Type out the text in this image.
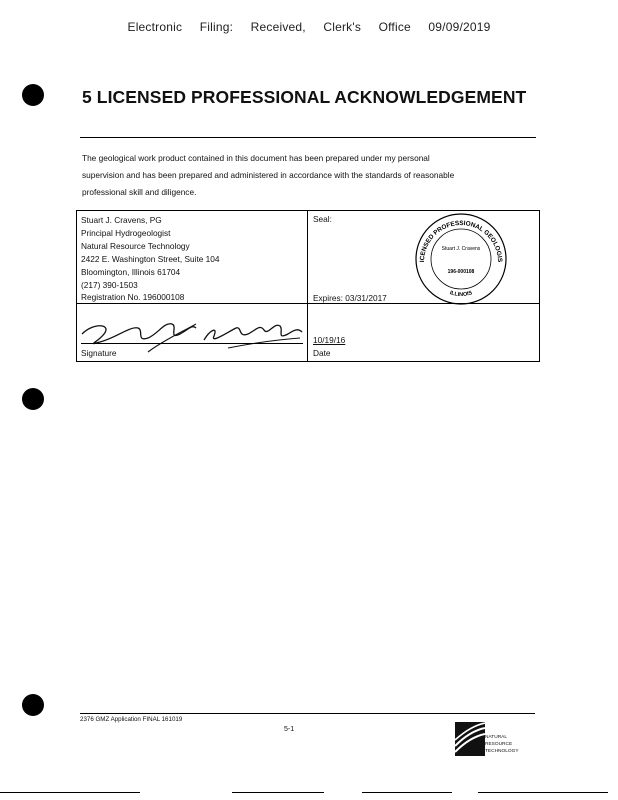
Electronic Filing: Received, Clerk's Office 09/09/2019
5 LICENSED PROFESSIONAL ACKNOWLEDGEMENT
The geological work product contained in this document has been prepared under my personal
supervision and has been prepared and administered in accordance with the standards of reasonable
professional skill and diligence.
Stuart J. Cravens, PG
Principal Hydrogeologist
Natural Resource Technology
2422 E. Washington Street, Suite 104
Bloomington, Illinois 61704
(217) 390-1503
Registration No. 196000108
Seal:
Expires: 03/31/2017
ICENSED PROFESSIONAL GEOLOGIS
ILLINOIS
Stuart J. Cravens
196-000108
Signature
10/19/16
Date
2376 GMZ Application FINAL 161019
5-1
NATURAL
RESOURCE
TECHNOLOGY
